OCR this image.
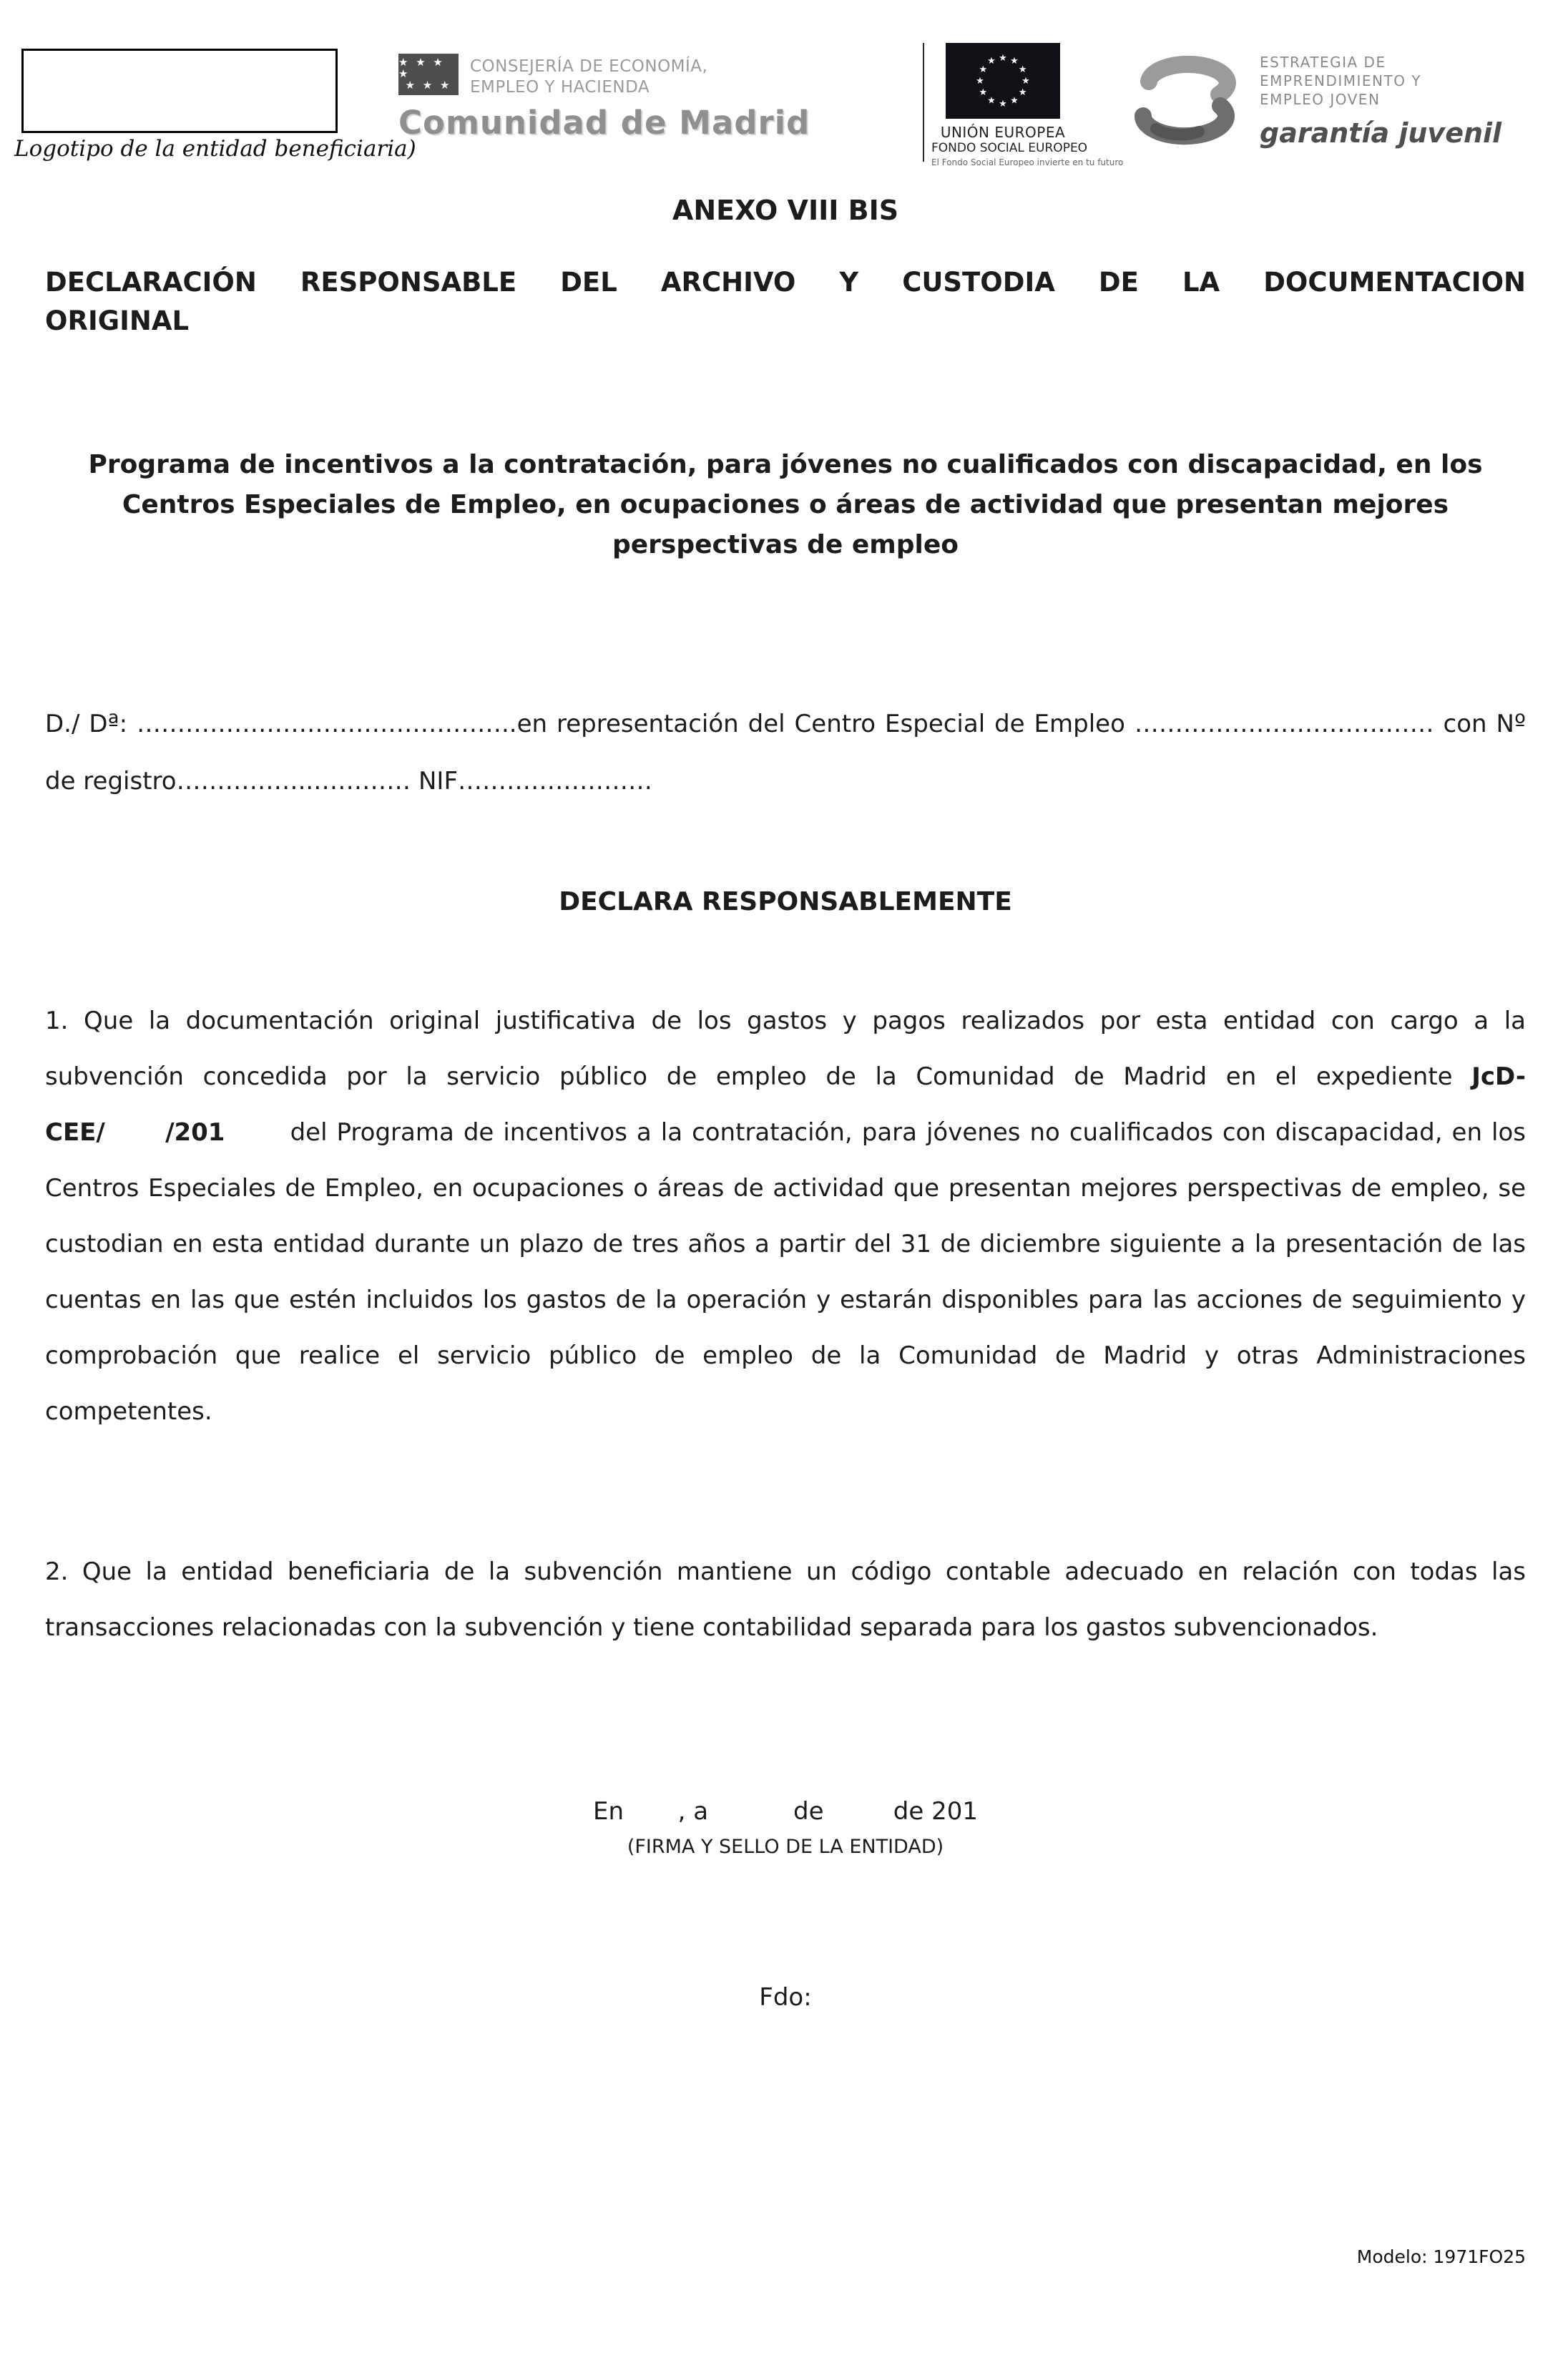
Logotipo de la entidad beneficiaria)
★ ★ ★ ★
★ ★ ★
CONSEJERÍA DE ECONOMÍA,
EMPLEO Y HACIENDA
Comunidad de Madrid
★ ★
★
★
★
★
★
★
★
★
★
★
UNIÓN EUROPEA
FONDO SOCIAL EUROPEO
El Fondo Social Europeo invierte en tu futuro
ESTRATEGIA DE
EMPRENDIMIENTO Y
EMPLEO JOVEN
garantía juvenil
ANEXO VIII BIS
DECLARACIÓN RESPONSABLE DEL ARCHIVO Y CUSTODIA DE LA DOCUMENTACION
ORIGINAL
Programa de incentivos a la contratación, para jóvenes no cualificados con discapacidad, en los Centros Especiales de Empleo, en ocupaciones o áreas de actividad que presentan mejores perspectivas de empleo
D./ Dª: ………………………………………..en representación del Centro Especial de Empleo ………………………….…… con Nº de registro……………..………… NIF……………………
DECLARA RESPONSABLEMENTE
1. Que la documentación original justificativa de los gastos y pagos realizados por esta entidad con cargo a la subvención concedida por la servicio público de empleo de la Comunidad de Madrid en el expediente JcD-CEE/      /201       del Programa de incentivos a la contratación, para jóvenes no cualificados con discapacidad, en los Centros Especiales de Empleo, en ocupaciones o áreas de actividad que presentan mejores perspectivas de empleo, se custodian en esta entidad durante un plazo de tres años a partir del 31 de diciembre siguiente a la presentación de las cuentas en las que estén incluidos los gastos de la operación y estarán disponibles para las acciones de seguimiento y comprobación que realice el servicio público de empleo de la Comunidad de Madrid y otras Administraciones competentes.
2. Que la entidad beneficiaria de la subvención mantiene un código contable adecuado en relación con todas las transacciones relacionadas con la subvención y tiene contabilidad separada para los gastos subvencionados.
En       , a           de         de 201
(FIRMA Y SELLO DE LA ENTIDAD)
Fdo:
Modelo: 1971FO25
